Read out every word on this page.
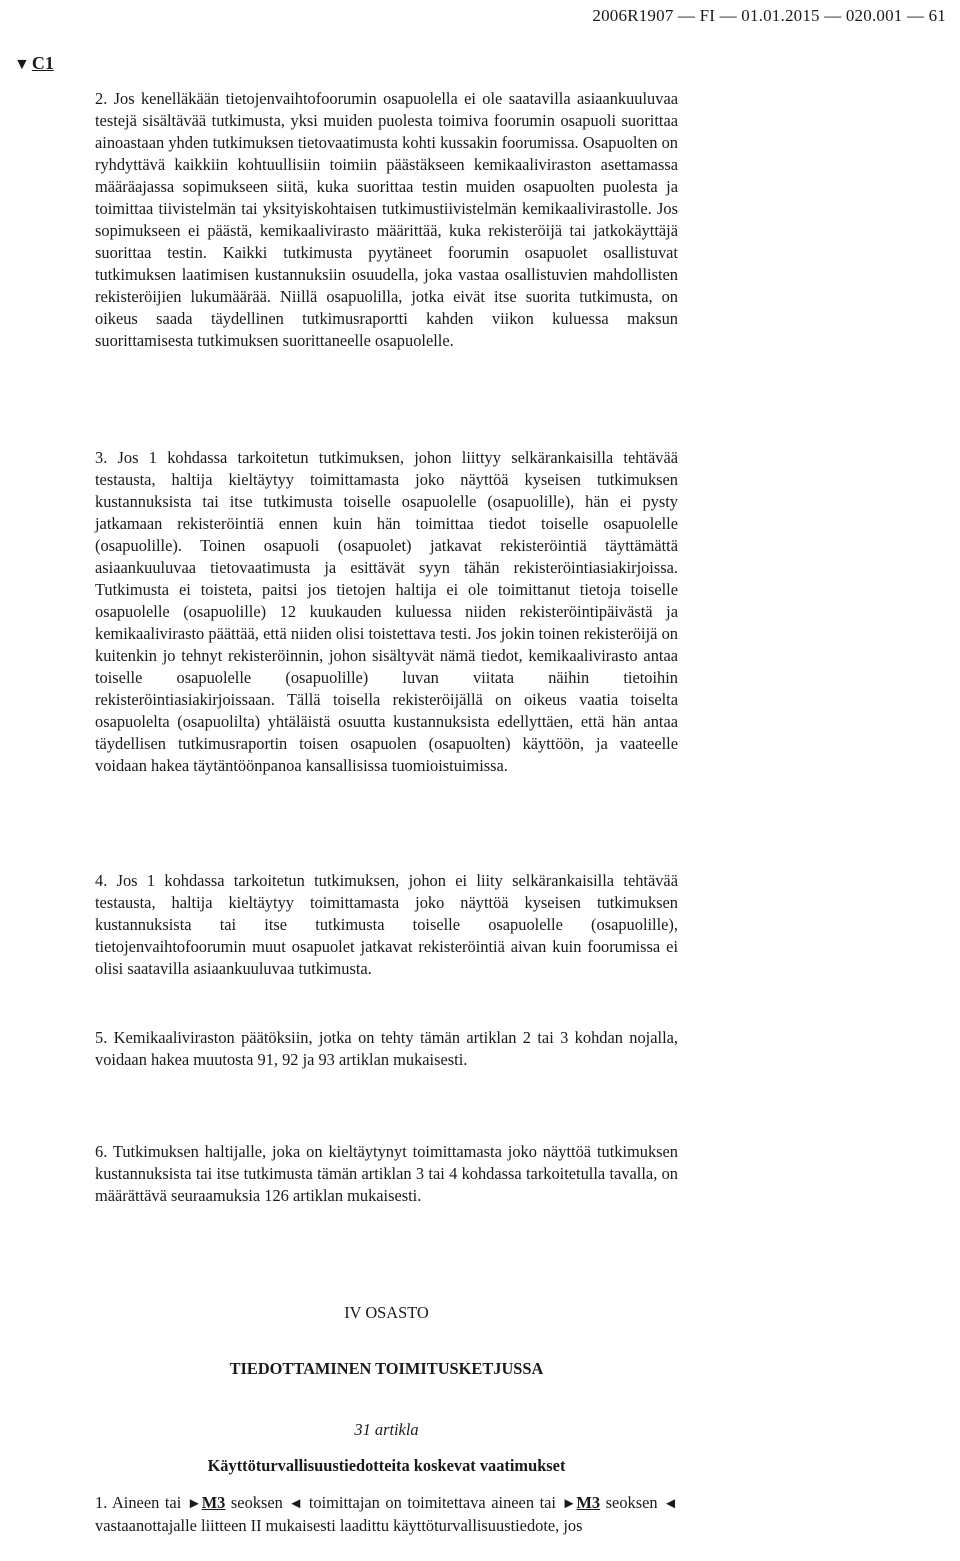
2006R1907 — FI — 01.01.2015 — 020.001 — 61
▼ C1

2. Jos kenelläkään tietojenvaihtofoorumin osapuolella ei ole saatavilla asiaankuuluvaa testejä sisältävää tutkimusta, yksi muiden puolesta toimiva foorumin osapuoli suorittaa ainoastaan yhden tutkimuksen tietovaatimusta kohti kussakin foorumissa. Osapuolten on ryhdyttävä kaikkiin kohtuullisiin toimiin päästäkseen kemikaaliviraston asettamassa määräajassa sopimukseen siitä, kuka suorittaa testin muiden osapuolten puolesta ja toimittaa tiivistelmän tai yksityiskohtaisen tutkimustiivistelmän kemikaalivirastolle. Jos sopimukseen ei päästä, kemikaalivirasto määrittää, kuka rekisteröijä tai jatkokäyttäjä suorittaa testin. Kaikki tutkimusta pyytäneet foorumin osapuolet osallistuvat tutkimuksen laatimisen kustannuksiin osuudella, joka vastaa osallistuvien mahdollisten rekisteröijien lukumäärää. Niillä osapuolilla, jotka eivät itse suorita tutkimusta, on oikeus saada täydellinen tutkimusraportti kahden viikon kuluessa maksun suorittamisesta tutkimuksen suorittaneelle osapuolelle.

3. Jos 1 kohdassa tarkoitetun tutkimuksen, johon liittyy selkärankaisilla tehtävää testausta, haltija kieltäytyy toimittamasta joko näyttöä kyseisen tutkimuksen kustannuksista tai itse tutkimusta toiselle osapuolelle (osapuolille), hän ei pysty jatkamaan rekisteröintiä ennen kuin hän toimittaa tiedot toiselle osapuolelle (osapuolille). Toinen osapuoli (osapuolet) jatkavat rekisteröintiä täyttämättä asiaankuuluvaa tietovaatimusta ja esittävät syyn tähän rekisteröintiasiakirjoissa. Tutkimusta ei toisteta, paitsi jos tietojen haltija ei ole toimittanut tietoja toiselle osapuolelle (osapuolille) 12 kuukauden kuluessa niiden rekisteröintipäivästä ja kemikaalivirasto päättää, että niiden olisi toistettava testi. Jos jokin toinen rekisteröijä on kuitenkin jo tehnyt rekisteröinnin, johon sisältyvät nämä tiedot, kemikaalivirasto antaa toiselle osapuolelle (osapuolille) luvan viitata näihin tietoihin rekisteröintiasiakirjoissaan. Tällä toisella rekisteröijällä on oikeus vaatia toiselta osapuolelta (osapuolilta) yhtäläistä osuutta kustannuksista edellyttäen, että hän antaa täydellisen tutkimusraportin toisen osapuolen (osapuolten) käyttöön, ja vaateelle voidaan hakea täytäntöönpanoa kansallisissa tuomioistuimissa.

4. Jos 1 kohdassa tarkoitetun tutkimuksen, johon ei liity selkärankaisilla tehtävää testausta, haltija kieltäytyy toimittamasta joko näyttöä kyseisen tutkimuksen kustannuksista tai itse tutkimusta toiselle osapuolelle (osapuolille), tietojenvaihtofoorumin muut osapuolet jatkavat rekisteröintiä aivan kuin foorumissa ei olisi saatavilla asiaankuuluvaa tutkimusta.

5. Kemikaaliviraston päätöksiin, jotka on tehty tämän artiklan 2 tai 3 kohdan nojalla, voidaan hakea muutosta 91, 92 ja 93 artiklan mukaisesti.

6. Tutkimuksen haltijalle, joka on kieltäytynyt toimittamasta joko näyttöä tutkimuksen kustannuksista tai itse tutkimusta tämän artiklan 3 tai 4 kohdassa tarkoitetulla tavalla, on määrättävä seuraamuksia 126 artiklan mukaisesti.

IV OSASTO

TIEDOTTAMINEN TOIMITUSKETJUSSA

31 artikla

Käyttöturvallisuustiedotteita koskevat vaatimukset

1. Aineen tai ►M3 seoksen ◄ toimittajan on toimitettava aineen tai ►M3 seoksen ◄ vastaanottajalle liitteen II mukaisesti laadittu käyttöturvallisuustiedote, jos
